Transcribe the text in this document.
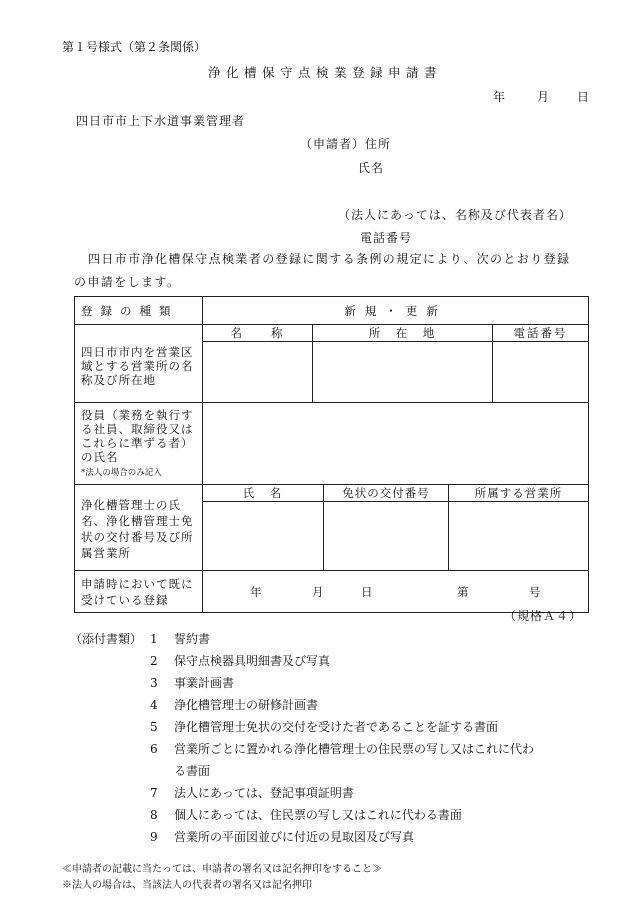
第１号様式（第２条関係）
浄化槽保守点検業登録申請書
年	月 日
四日市市上下水道事業管理者
（申請者）住所
氏名
（法人にあっては、名称及び代表者名）
電話番号
四日市市浄化槽保守点検業者の登録に関する条例の規定により、次のとおり登録
の申請をします。
登録の種類	新規・更新
四日市市内を営業区域とする営業所の名称及び所在地	名　　称 所　在　地 電話番号

役員（業務を執行する社員、取締役又はこれらに準ずる者）の氏名
*法人の場合のみ記入	
浄化槽管理士の氏名、浄化槽管理士免状の交付番号及び所属営業所	氏　名 免状の交付番号 所属する営業所

申請時において既に受けている登録	年 月 日 第 号
（規格Ａ４）
（添付書類） 1 誓約書
2 保守点検器具明細書及び写真
3 事業計画書
4 浄化槽管理士の研修計画書
5 浄化槽管理士免状の交付を受けた者であることを証する書面
6 営業所ごとに置かれる浄化槽管理士の住民票の写し又はこれに代わ
る書面
7 法人にあっては、登記事項証明書
8 個人にあっては、住民票の写し又はこれに代わる書面
9 営業所の平面図並びに付近の見取図及び写真
≪申請者の記載に当たっては、申請者の署名又は記名押印をすること≫
※法人の場合は、当該法人の代表者の署名又は記名押印
